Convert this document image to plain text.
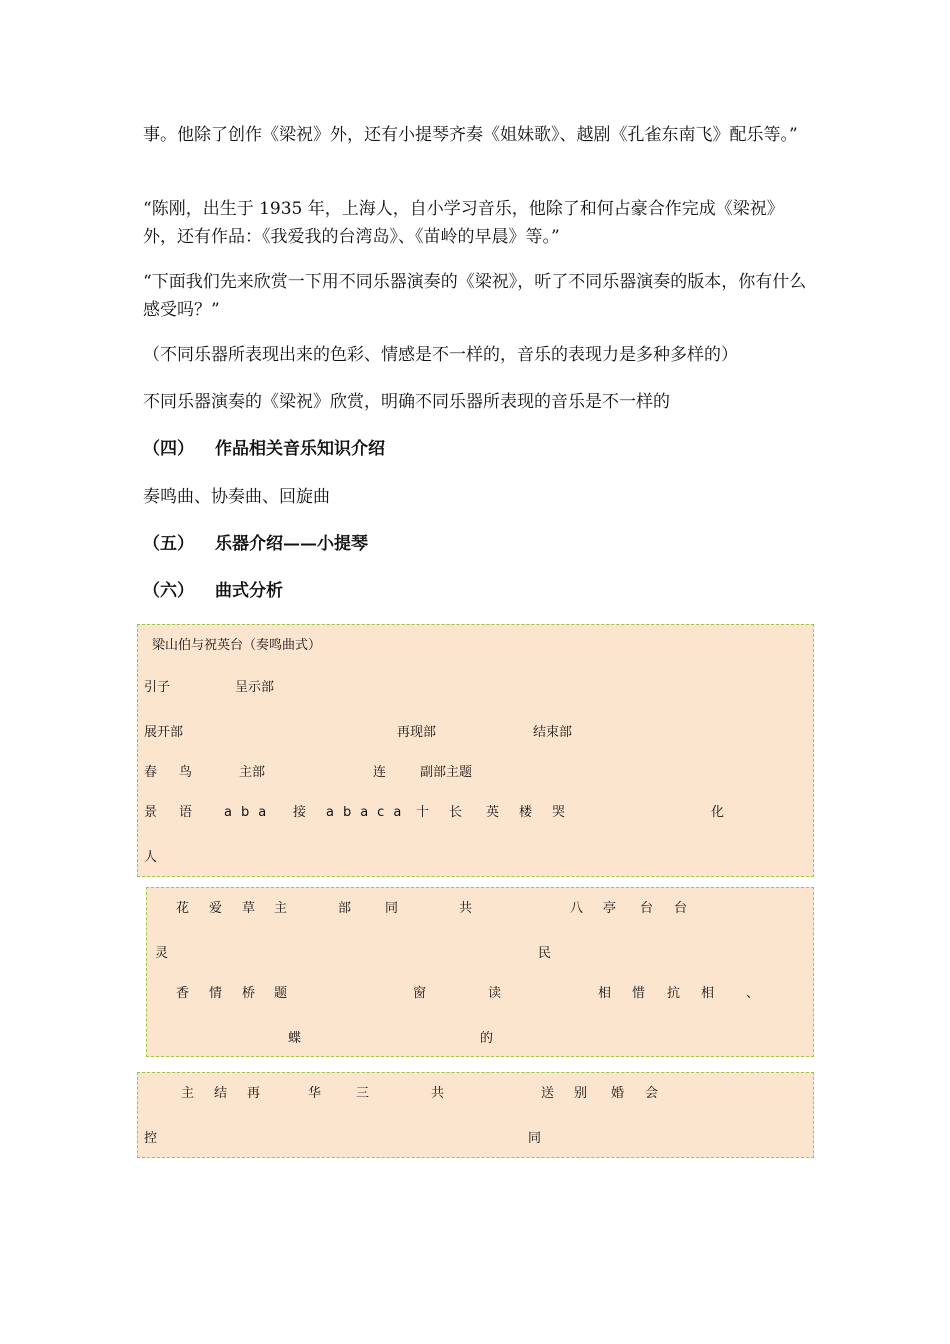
事。他除了创作《梁祝》外，还有小提琴齐奏《姐妹歌》、越剧《孔雀东南飞》配乐等。”

“陈刚，出生于 1935 年，上海人，自小学习音乐，他除了和何占豪合作完成《梁祝》外，还有作品：《我爱我的台湾岛》、《苗岭的早晨》等。”

“下面我们先来欣赏一下用不同乐器演奏的《梁祝》，听了不同乐器演奏的版本，你有什么感受吗？”

（不同乐器所表现出来的色彩、情感是不一样的，音乐的表现力是多种多样的）

不同乐器演奏的《梁祝》欣赏，明确不同乐器所表现的音乐是不一样的

（四） 作品相关音乐知识介绍

奏鸣曲、协奏曲、回旋曲

（五） 乐器介绍——小提琴
（六） 曲式分析
梁山伯与祝英台（奏鸣曲式）
引子	呈示部
展开部	再现部	结束部
春 鸟	主部	连	副部主题
景 语 aba 接 abaca 十 长 英 楼 哭	化
人
花 爱 草 主	部	同	共	八 亭 台 台
灵	民
香 情 桥 题	窗	读	相 惜 抗 相 、
蝶	的
主 结 再	华	三	共	送 别 婚 会
控	同
